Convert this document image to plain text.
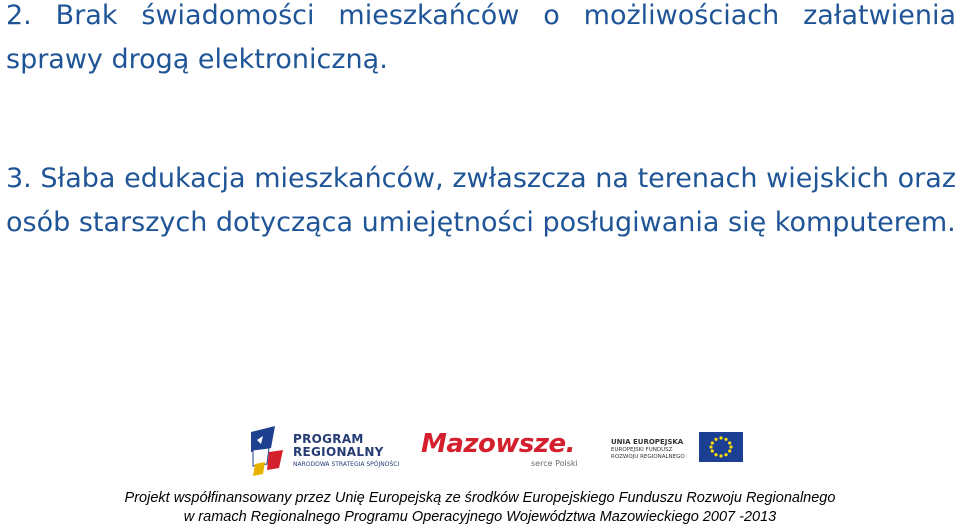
2. Brak świadomości mieszkańców o możliwościach załatwienia sprawy drogą elektroniczną.
3. Słaba edukacja mieszkańców, zwłaszcza na terenach wiejskich oraz osób starszych dotycząca umiejętności posługiwania się komputerem.
PROGRAM
REGIONALNY
NARODOWA STRATEGIA SPÓJNOŚCI
Mazowsze.
serce Polski
UNIA EUROPEJSKA
EUROPEJSKI FUNDUSZ
ROZWOJU REGIONALNEGO
Projekt współfinansowany przez Unię Europejską ze środków Europejskiego Funduszu Rozwoju Regionalnego
w ramach Regionalnego Programu Operacyjnego Województwa Mazowieckiego 2007 -2013
